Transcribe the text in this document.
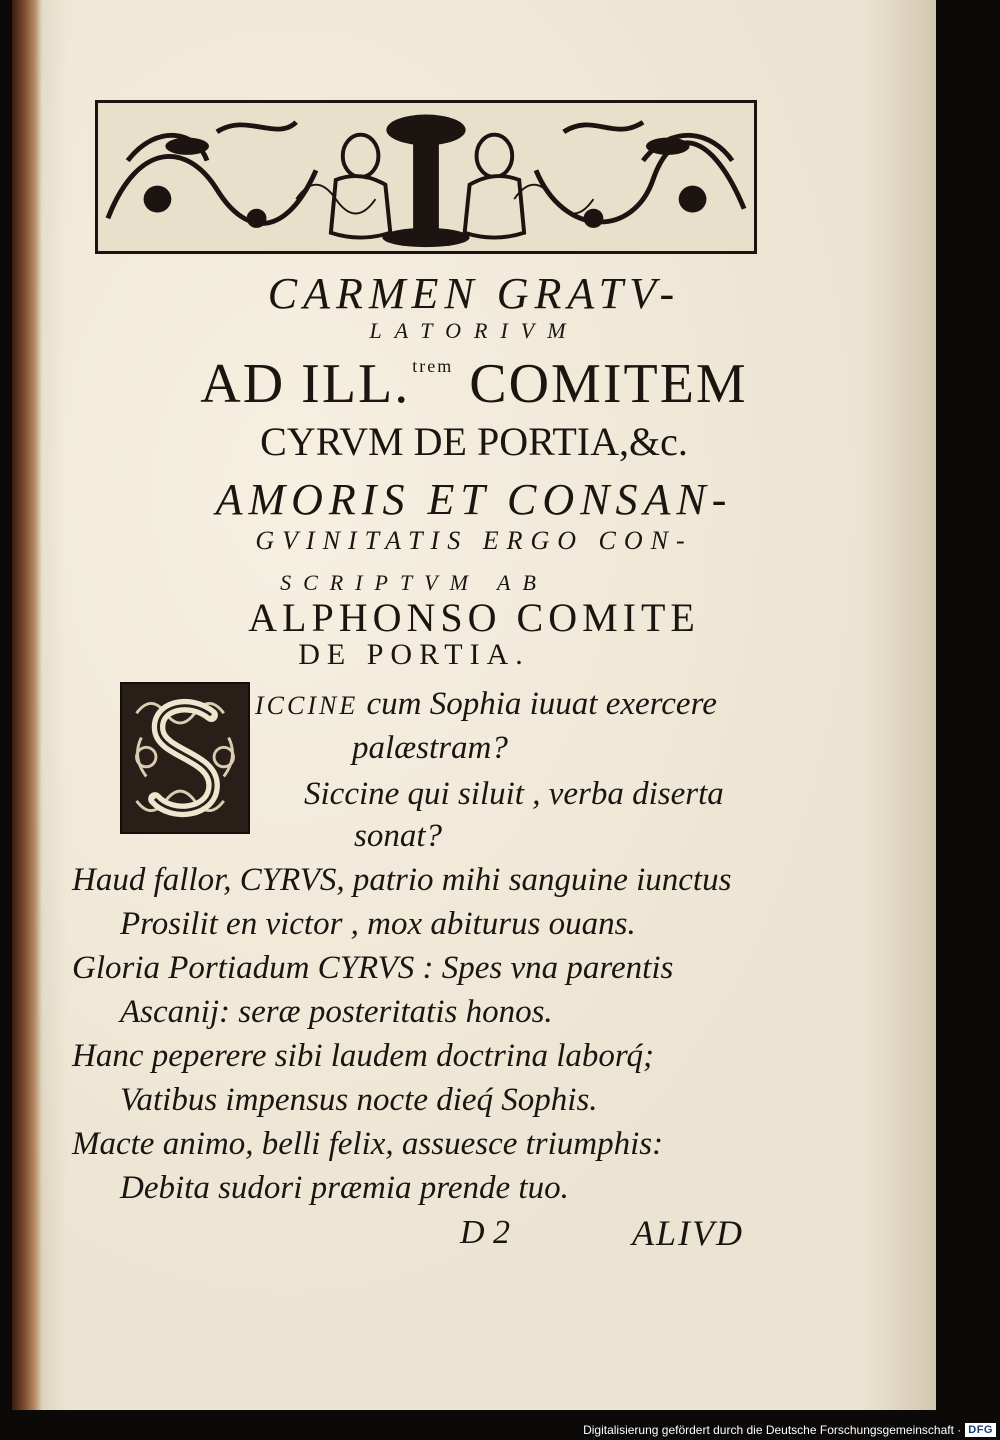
CARMEN GRATV-
LATORIVM
AD ILL. $^{trem}$ COMITEM
CYRVM DE PORTIA,&c.
AMORIS ET CONSAN-
GVINITATIS ERGO CON-
SCRIPTVM AB
ALPHONSO COMITE
DE PORTIA.
ICCINE cum Sophia iuuat exercere
palæstram?
Siccine qui siluit , verba diserta
sonat?
Haud fallor, CYRVS, patrio mihi sanguine iunctus
Prosilit en victor , mox abiturus ouans.
Gloria Portiadum CYRVS : Spes vna parentis
Ascanij: seræ posteritatis honos.
Hanc peperere sibi laudem doctrina laborq́;
Vatibus impensus nocte dieq́ Sophis.
Macte animo, belli felix, assuesce triumphis:
Debita sudori præmia prende tuo.
D 2	ALIVD
Digitalisierung gefördert durch die Deutsche Forschungsgemeinschaft · DFG
